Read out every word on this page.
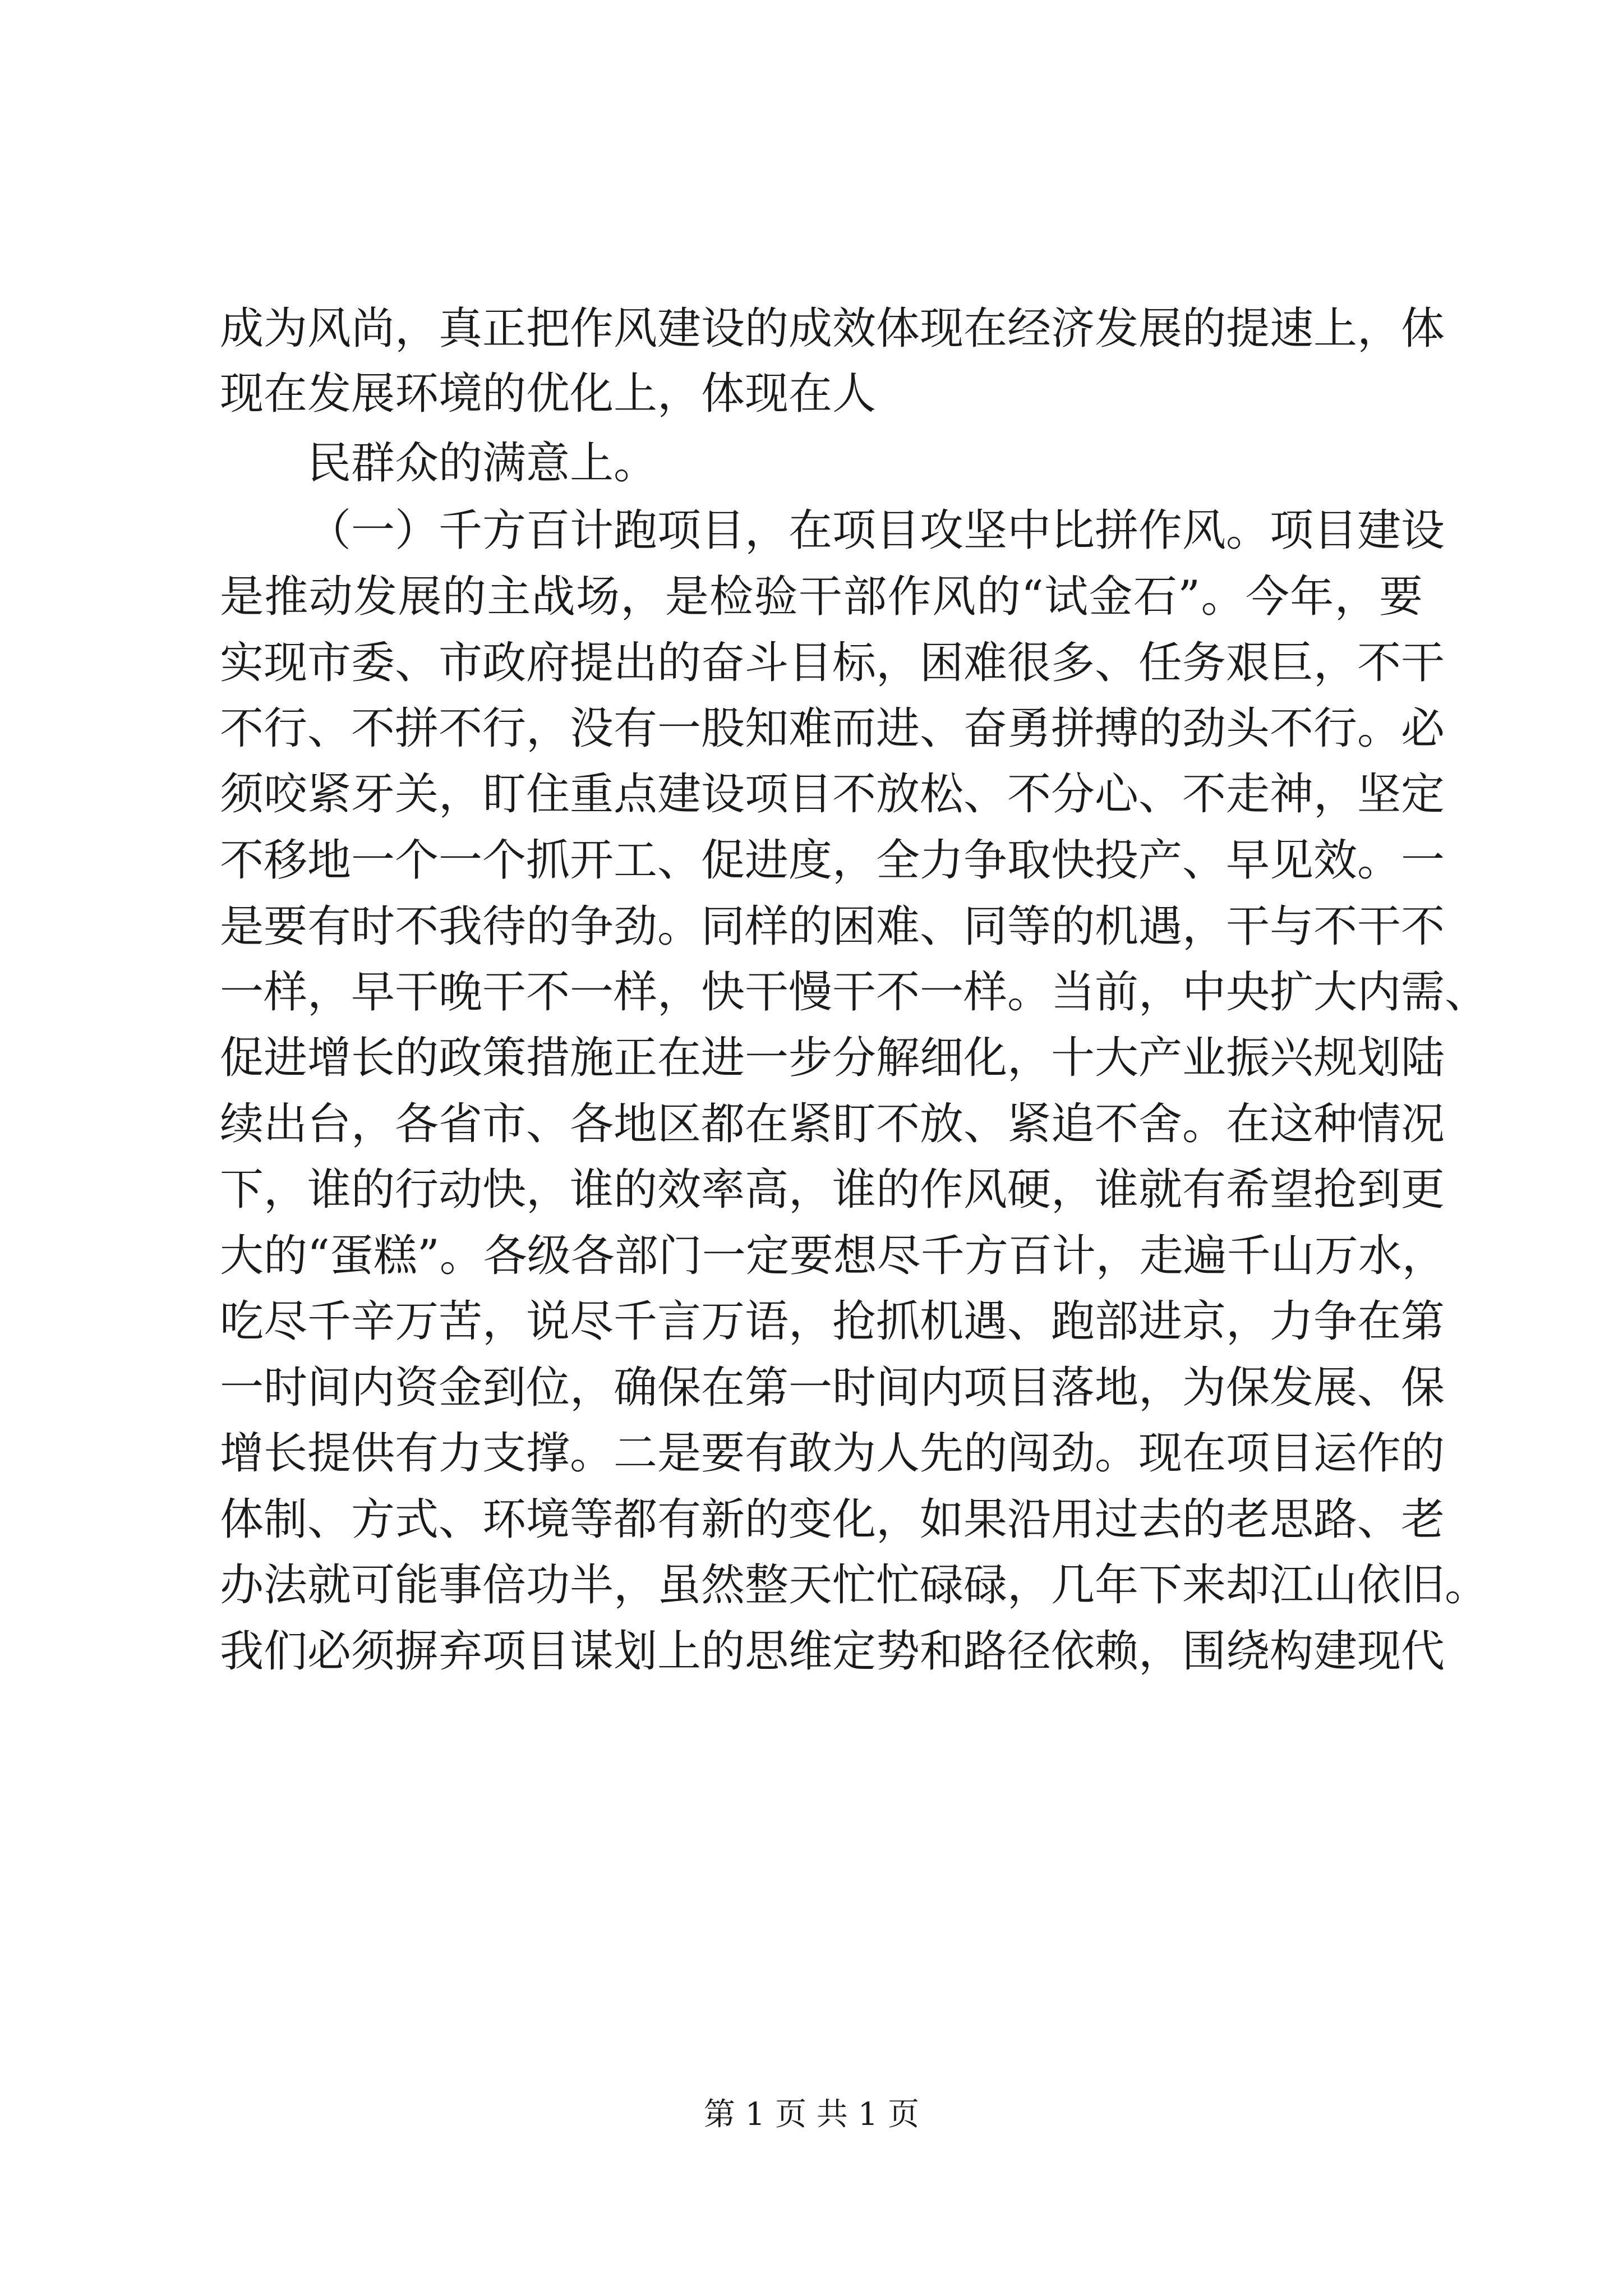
成为风尚，真正把作风建设的成效体现在经济发展的提速上，体
现在发展环境的优化上，体现在人
民群众的满意上。
（一）千方百计跑项目，在项目攻坚中比拼作风。项目建设
是推动发展的主战场，是检验干部作风的“试金石”。今年，要
实现市委、市政府提出的奋斗目标，困难很多、任务艰巨，不干
不行、不拼不行，没有一股知难而进、奋勇拼搏的劲头不行。必
须咬紧牙关，盯住重点建设项目不放松、不分心、不走神，坚定
不移地一个一个抓开工、促进度，全力争取快投产、早见效。一
是要有时不我待的争劲。同样的困难、同等的机遇，干与不干不
一样，早干晚干不一样，快干慢干不一样。当前，中央扩大内需、
促进增长的政策措施正在进一步分解细化，十大产业振兴规划陆
续出台，各省市、各地区都在紧盯不放、紧追不舍。在这种情况
下，谁的行动快，谁的效率高，谁的作风硬，谁就有希望抢到更
大的“蛋糕”。各级各部门一定要想尽千方百计，走遍千山万水，
吃尽千辛万苦，说尽千言万语，抢抓机遇、跑部进京，力争在第
一时间内资金到位，确保在第一时间内项目落地，为保发展、保
增长提供有力支撑。二是要有敢为人先的闯劲。现在项目运作的
体制、方式、环境等都有新的变化，如果沿用过去的老思路、老
办法就可能事倍功半，虽然整天忙忙碌碌，几年下来却江山依旧。
我们必须摒弃项目谋划上的思维定势和路径依赖，围绕构建现代
第 1 页 共 1 页
